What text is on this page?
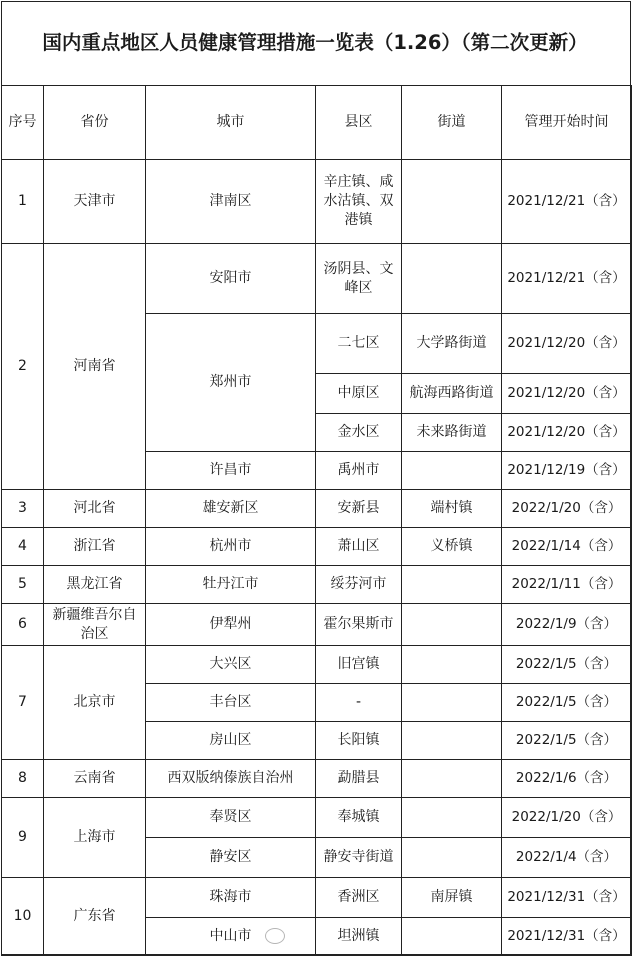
国内重点地区人员健康管理措施一览表（1.26）（第二次更新）
序号	省份	城市	县区	街道	管理开始时间
1	天津市	津南区	辛庄镇、咸水沽镇、双港镇		2021/12/21（含）
2	河南省	安阳市	汤阴县、文峰区		2021/12/21（含）
		郑州市	二七区	大学路街道	2021/12/20（含）
			中原区	航海西路街道	2021/12/20（含）
			金水区	未来路街道	2021/12/20（含）
		许昌市	禹州市		2021/12/19（含）
3	河北省	雄安新区	安新县	端村镇	2022/1/20（含）
4	浙江省	杭州市	萧山区	义桥镇	2022/1/14（含）
5	黑龙江省	牡丹江市	绥芬河市		2022/1/11（含）
6	新疆维吾尔自治区	伊犁州	霍尔果斯市		2022/1/9（含）
7	北京市	大兴区	旧宫镇		2022/1/5（含）
		丰台区	-		2022/1/5（含）
		房山区	长阳镇		2022/1/5（含）
8	云南省	西双版纳傣族自治州	勐腊县		2022/1/6（含）
9	上海市	奉贤区	奉城镇		2022/1/20（含）
		静安区	静安寺街道		2022/1/4（含）
10	广东省	珠海市	香洲区	南屏镇	2021/12/31（含）
		中山市	坦洲镇		2021/12/31（含）
